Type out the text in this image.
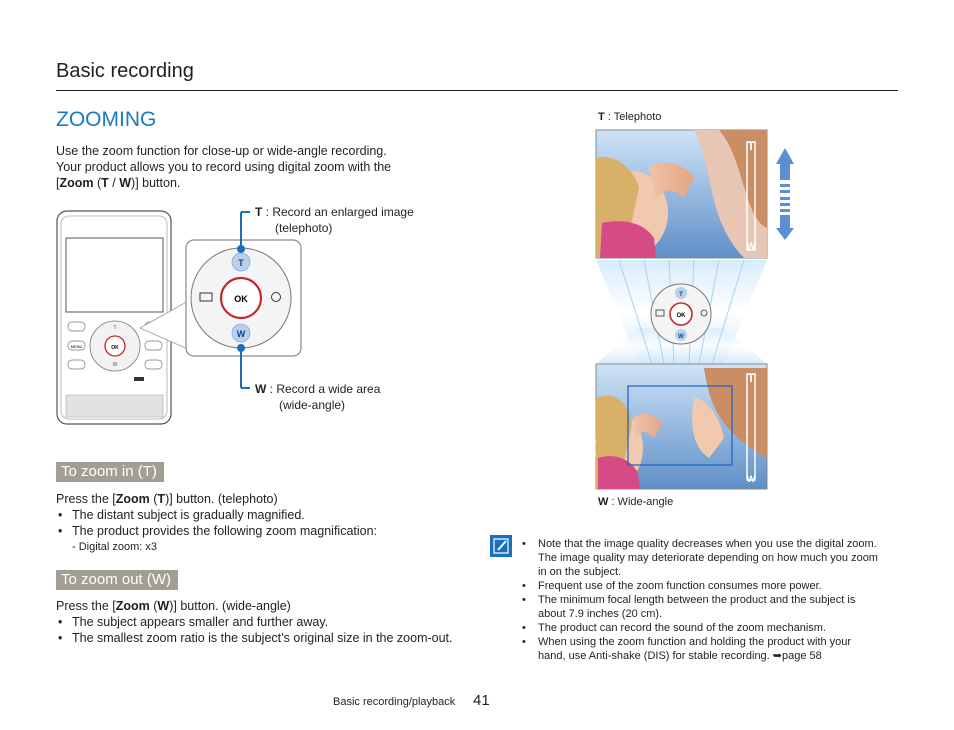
Basic recording
ZOOMING
Use the zoom function for close-up or wide-angle recording.
Your product allows you to record using digital zoom with the
[Zoom (T / W)] button.
OK
T
W
MENU
OK
T
W
T : Record an enlarged image
(telephoto)
W : Record a wide area
(wide-angle)
To zoom in (T)
Press the [Zoom (T)] button. (telephoto)
• The distant subject is gradually magnified.
• The product provides the following zoom magnification:
- Digital zoom: x3
To zoom out (W)
Press the [Zoom (W)] button. (wide-angle)
• The subject appears smaller and further away.
• The smallest zoom ratio is the subject’s original size in the zoom-out.
T : Telephoto
T
W
OK
T
W
T
W
W : Wide-angle
• Note that the image quality decreases when you use the digital zoom. The image quality may deteriorate depending on how much you zoom in on the subject.
• Frequent use of the zoom function consumes more power.
• The minimum focal length between the product and the subject is about 7.9 inches (20 cm).
• The product can record the sound of the zoom mechanism.
• When using the zoom function and holding the product with your hand, use Anti-shake (DIS) for stable recording. ➥page 58
Basic recording/playback 41
